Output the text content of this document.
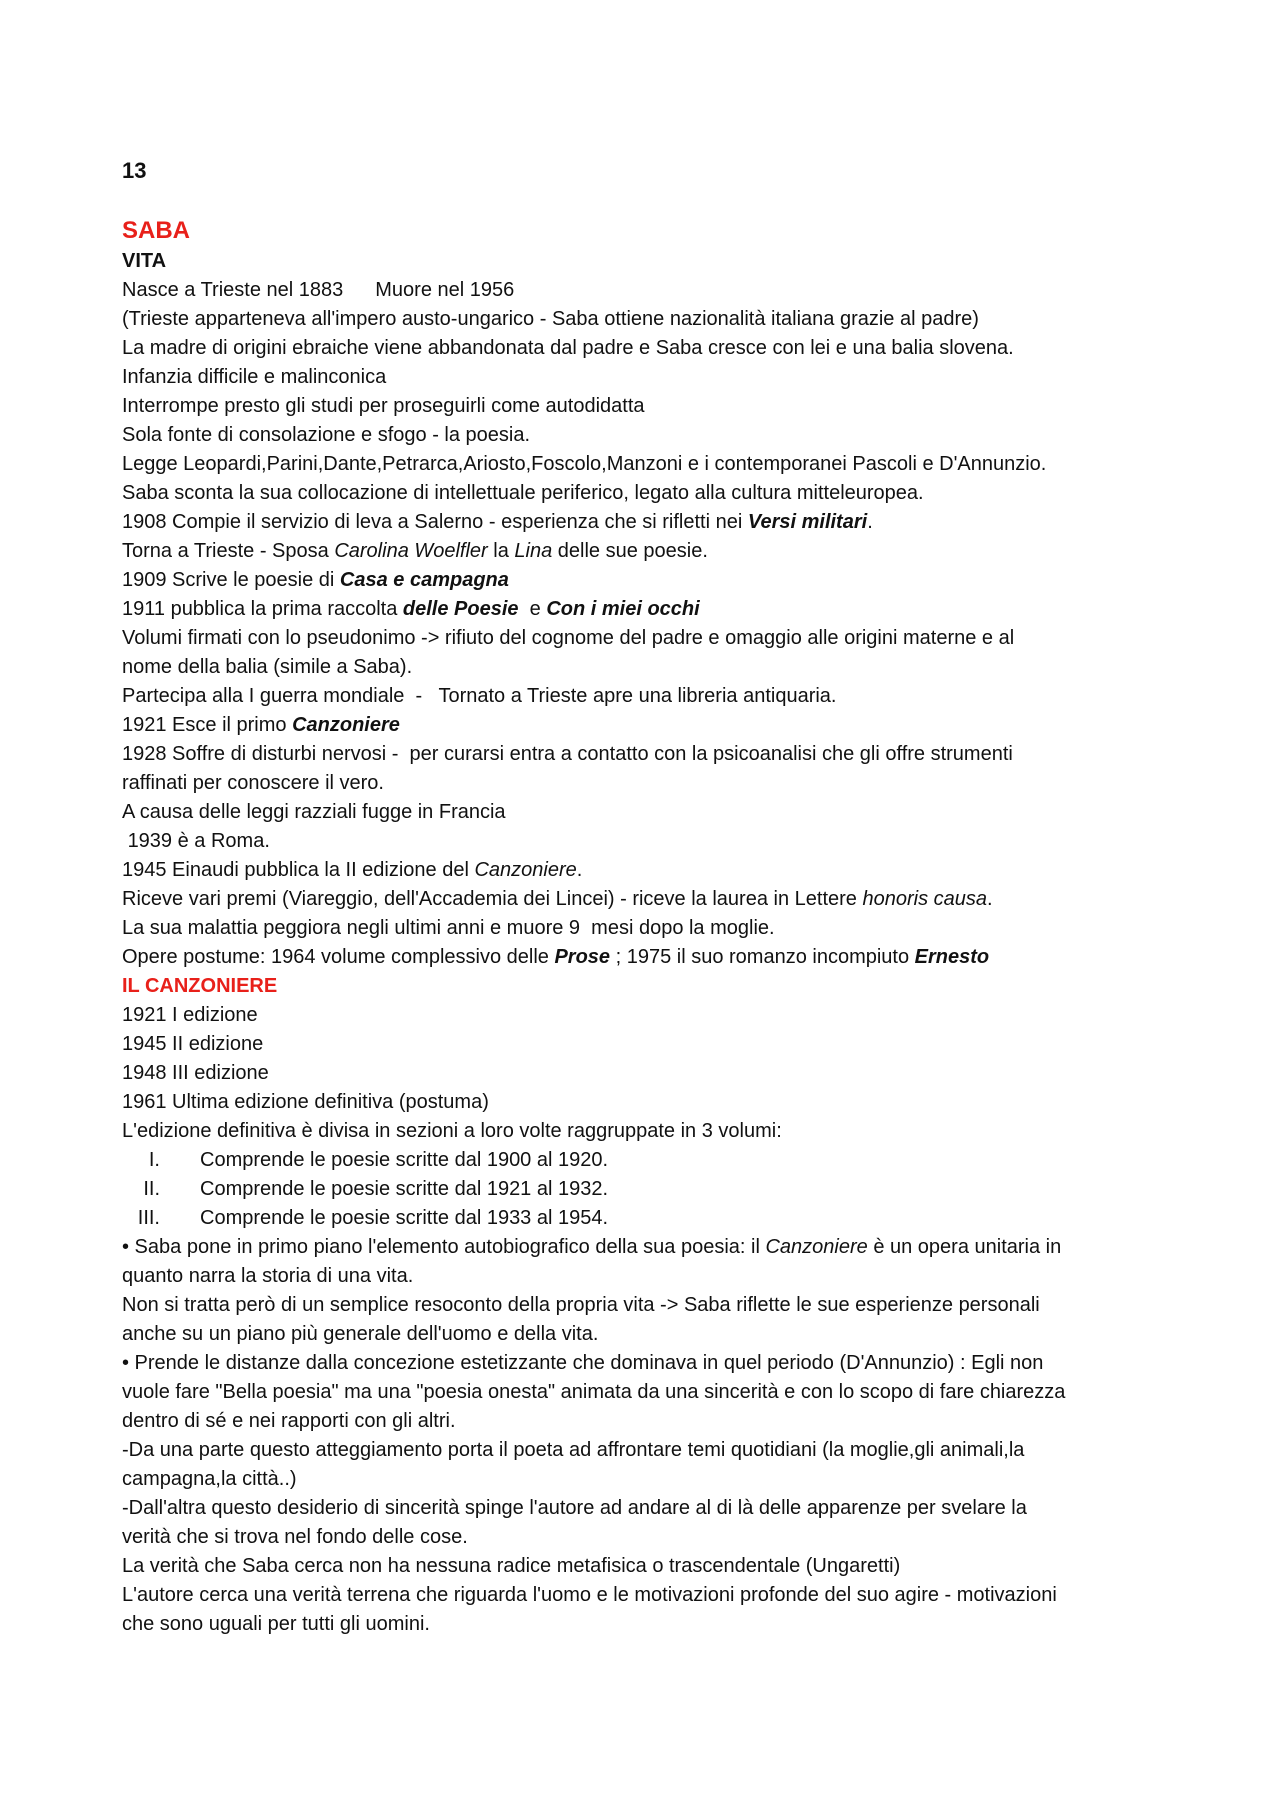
13
SABA
VITA
Nasce a Trieste nel 1883 Muore nel 1956
(Trieste apparteneva all'impero austo-ungarico - Saba ottiene nazionalità italiana grazie al padre)
La madre di origini ebraiche viene abbandonata dal padre e Saba cresce con lei e una balia slovena.
Infanzia difficile e malinconica
Interrompe presto gli studi per proseguirli come autodidatta
Sola fonte di consolazione e sfogo - la poesia.
Legge Leopardi,Parini,Dante,Petrarca,Ariosto,Foscolo,Manzoni e i contemporanei Pascoli e D'Annunzio.
Saba sconta la sua collocazione di intellettuale periferico, legato alla cultura mitteleuropea.
1908 Compie il servizio di leva a Salerno - esperienza che si rifletti nei Versi militari.
Torna a Trieste - Sposa Carolina Woelfler la Lina delle sue poesie.
1909 Scrive le poesie di Casa e campagna
1911 pubblica la prima raccolta delle Poesie  e Con i miei occhi
Volumi firmati con lo pseudonimo -> rifiuto del cognome del padre e omaggio alle origini materne e al
nome della balia (simile a Saba).
Partecipa alla I guerra mondiale  -   Tornato a Trieste apre una libreria antiquaria.
1921 Esce il primo Canzoniere
1928 Soffre di disturbi nervosi -  per curarsi entra a contatto con la psicoanalisi che gli offre strumenti
raffinati per conoscere il vero.
A causa delle leggi razziali fugge in Francia
1939 è a Roma.
1945 Einaudi pubblica la II edizione del Canzoniere.
Riceve vari premi (Viareggio, dell'Accademia dei Lincei) - riceve la laurea in Lettere honoris causa.
La sua malattia peggiora negli ultimi anni e muore 9  mesi dopo la moglie.
Opere postume: 1964 volume complessivo delle Prose ; 1975 il suo romanzo incompiuto Ernesto
IL CANZONIERE
1921 I edizione
1945 II edizione
1948 III edizione
1961 Ultima edizione definitiva (postuma)
L'edizione definitiva è divisa in sezioni a loro volte raggruppate in 3 volumi:
I. Comprende le poesie scritte dal 1900 al 1920.
II. Comprende le poesie scritte dal 1921 al 1932.
III. Comprende le poesie scritte dal 1933 al 1954.
• Saba pone in primo piano l'elemento autobiografico della sua poesia: il Canzoniere è un opera unitaria in
quanto narra la storia di una vita.
Non si tratta però di un semplice resoconto della propria vita -> Saba riflette le sue esperienze personali
anche su un piano più generale dell'uomo e della vita.
• Prende le distanze dalla concezione estetizzante che dominava in quel periodo (D'Annunzio) : Egli non
vuole fare "Bella poesia" ma una "poesia onesta" animata da una sincerità e con lo scopo di fare chiarezza
dentro di sé e nei rapporti con gli altri.
-Da una parte questo atteggiamento porta il poeta ad affrontare temi quotidiani (la moglie,gli animali,la
campagna,la città..)
-Dall'altra questo desiderio di sincerità spinge l'autore ad andare al di là delle apparenze per svelare la
verità che si trova nel fondo delle cose.
La verità che Saba cerca non ha nessuna radice metafisica o trascendentale (Ungaretti)
L'autore cerca una verità terrena che riguarda l'uomo e le motivazioni profonde del suo agire - motivazioni
che sono uguali per tutti gli uomini.
